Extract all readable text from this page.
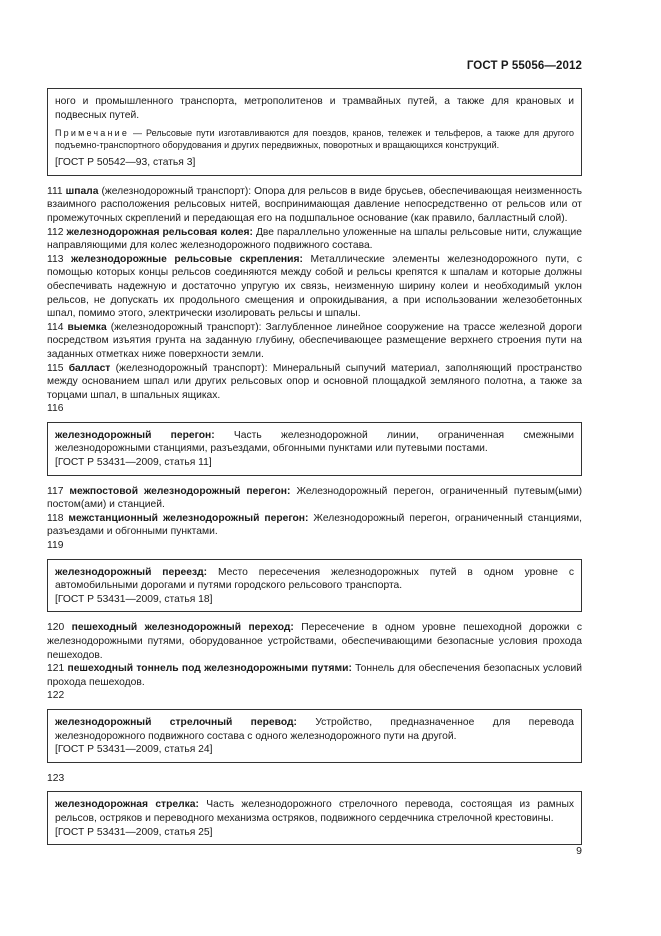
ГОСТ Р 55056—2012

ного и промышленного транспорта, метрополитенов и трамвайных путей, а также для крановых и подвесных путей.

Примечание — Рельсовые пути изготавливаются для поездов, кранов, тележек и тельферов, а также для другого подъемно-транспортного оборудования и других передвижных, поворотных и вращающихся конструкций.

[ГОСТ Р 50542—93, статья 3]

111 шпала (железнодорожный транспорт): Опора для рельсов в виде брусьев, обеспечивающая неизменность взаимного расположения рельсовых нитей, воспринимающая давление непосредственно от рельсов или от промежуточных скреплений и передающая его на подшпальное основание (как правило, балластный слой).

112 железнодорожная рельсовая колея: Две параллельно уложенные на шпалы рельсовые нити, служащие направляющими для колес железнодорожного подвижного состава.

113 железнодорожные рельсовые скрепления: Металлические элементы железнодорожного пути, с помощью которых концы рельсов соединяются между собой и рельсы крепятся к шпалам и которые должны обеспечивать надежную и достаточно упругую их связь, неизменную ширину колеи и необходимый уклон рельсов, не допускать их продольного смещения и опрокидывания, а при использовании железобетонных шпал, помимо этого, электрически изолировать рельсы и шпалы.

114 выемка (железнодорожный транспорт): Заглубленное линейное сооружение на трассе железной дороги посредством изъятия грунта на заданную глубину, обеспечивающее размещение верхнего строения пути на заданных отметках ниже поверхности земли.

115 балласт (железнодорожный транспорт): Минеральный сыпучий материал, заполняющий пространство между основанием шпал или других рельсовых опор и основной площадкой земляного полотна, а также за торцами шпал, в шпальных ящиках.

116

железнодорожный перегон: Часть железнодорожной линии, ограниченная смежными железнодорожными станциями, разъездами, обгонными пунктами или путевыми постами.

[ГОСТ Р 53431—2009, статья 11]

117 межпостовой железнодорожный перегон: Железнодорожный перегон, ограниченный путевым(ыми) постом(ами) и станцией.

118 межстанционный железнодорожный перегон: Железнодорожный перегон, ограниченный станциями, разъездами и обгонными пунктами.

119

железнодорожный переезд: Место пересечения железнодорожных путей в одном уровне с автомобильными дорогами и путями городского рельсового транспорта.

[ГОСТ Р 53431—2009, статья 18]

120 пешеходный железнодорожный переход: Пересечение в одном уровне пешеходной дорожки с железнодорожными путями, оборудованное устройствами, обеспечивающими безопасные условия прохода пешеходов.

121 пешеходный тоннель под железнодорожными путями: Тоннель для обеспечения безопасных условий прохода пешеходов.

122

железнодорожный стрелочный перевод: Устройство, предназначенное для перевода железнодорожного подвижного состава с одного железнодорожного пути на другой.

[ГОСТ Р 53431—2009, статья 24]

123

железнодорожная стрелка: Часть железнодорожного стрелочного перевода, состоящая из рамных рельсов, остряков и переводного механизма остряков, подвижного сердечника стрелочной крестовины.

[ГОСТ Р 53431—2009, статья 25]

9
